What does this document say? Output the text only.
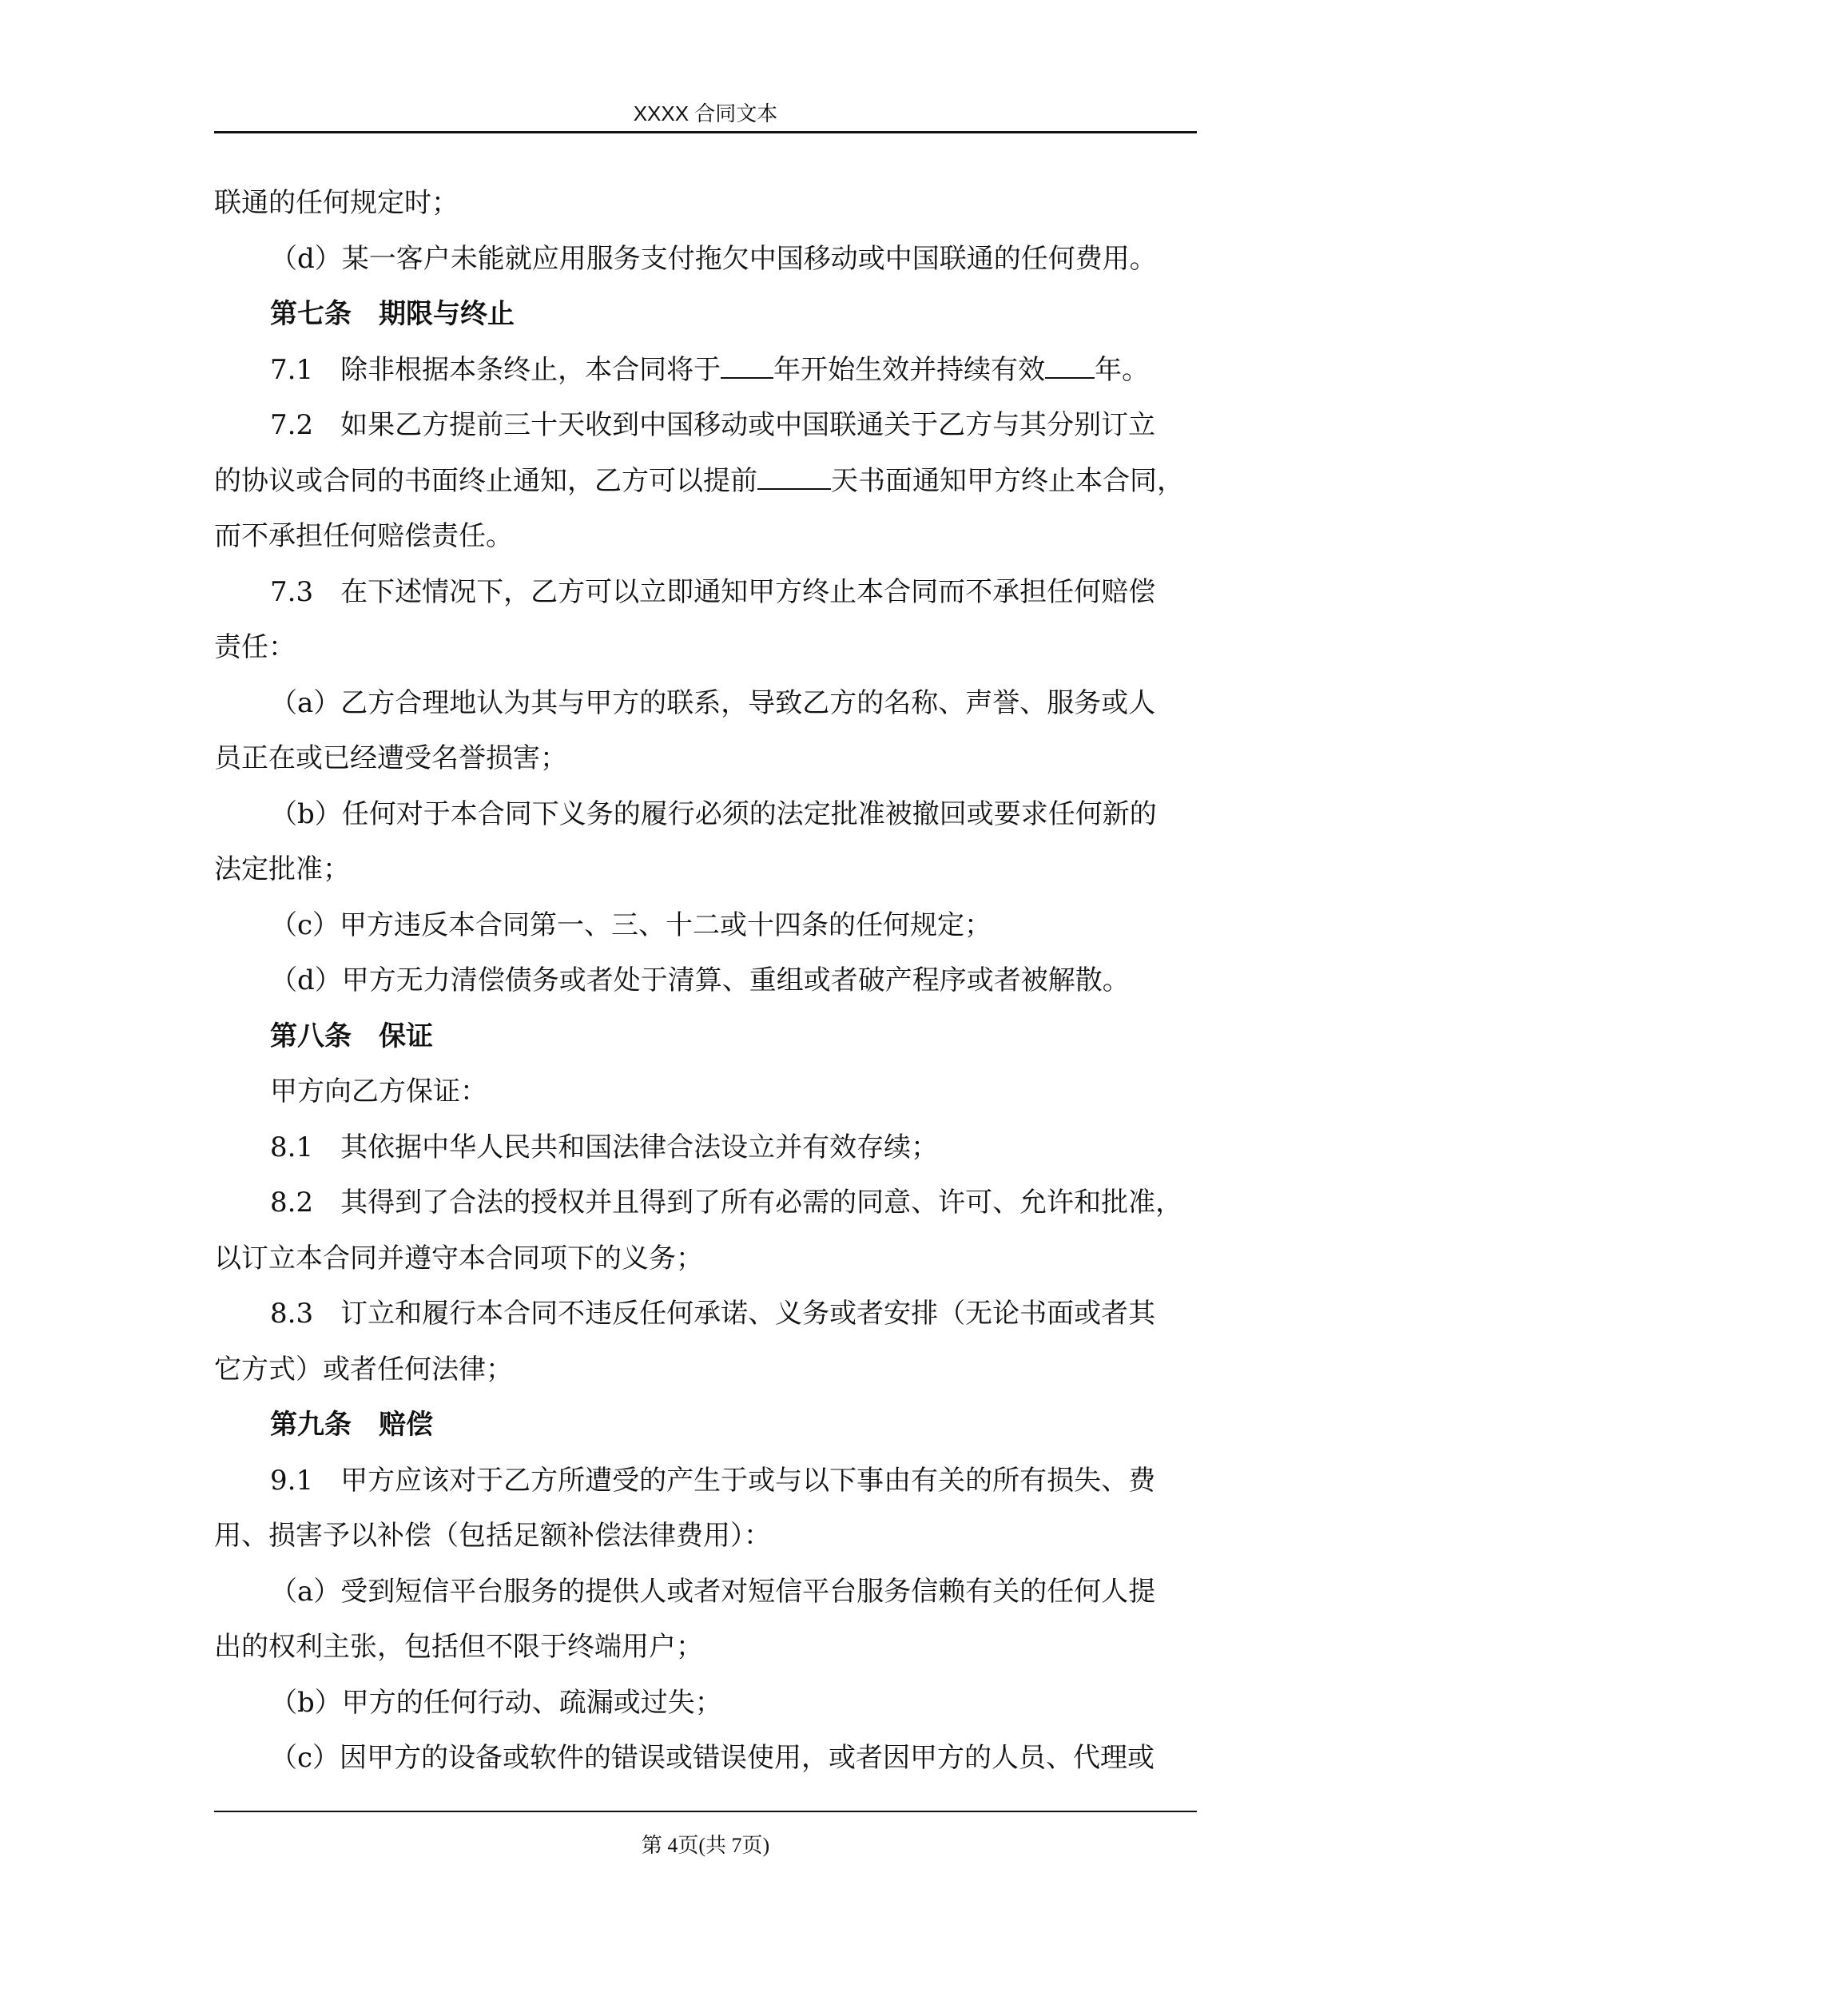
XXXX 合同文本
联通的任何规定时；
（d）某一客户未能就应用服务支付拖欠中国移动或中国联通的任何费用。
第七条　期限与终止
7.1　除非根据本条终止，本合同将于 年开始生效并持续有效 年。
7.2　如果乙方提前三十天收到中国移动或中国联通关于乙方与其分别订立
的协议或合同的书面终止通知，乙方可以提前	天书面通知甲方终止本合同，
而不承担任何赔偿责任。
7.3　在下述情况下，乙方可以立即通知甲方终止本合同而不承担任何赔偿
责任：
（a）乙方合理地认为其与甲方的联系，导致乙方的名称、声誉、服务或人
员正在或已经遭受名誉损害；
（b）任何对于本合同下义务的履行必须的法定批准被撤回或要求任何新的
法定批准；
（c）甲方违反本合同第一、三、十二或十四条的任何规定；
（d）甲方无力清偿债务或者处于清算、重组或者破产程序或者被解散。
第八条　保证
甲方向乙方保证：
8.1　其依据中华人民共和国法律合法设立并有效存续；
8.2　其得到了合法的授权并且得到了所有必需的同意、许可、允许和批准，
以订立本合同并遵守本合同项下的义务；
8.3　订立和履行本合同不违反任何承诺、义务或者安排（无论书面或者其
它方式）或者任何法律；
第九条　赔偿
9.1　甲方应该对于乙方所遭受的产生于或与以下事由有关的所有损失、费
用、损害予以补偿（包括足额补偿法律费用）：
（a）受到短信平台服务的提供人或者对短信平台服务信赖有关的任何人提
出的权利主张，包括但不限于终端用户；
（b）甲方的任何行动、疏漏或过失；
（c）因甲方的设备或软件的错误或错误使用，或者因甲方的人员、代理或
第 4页(共 7页)
